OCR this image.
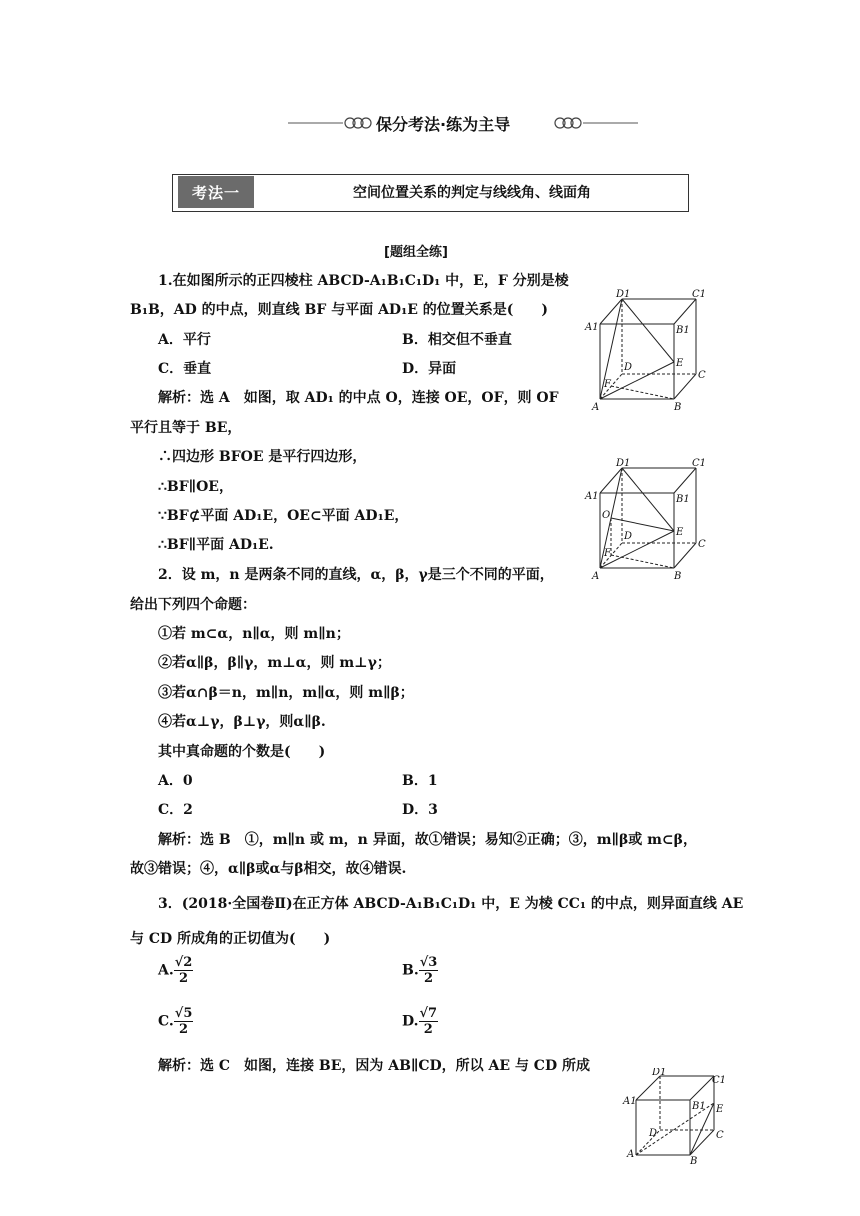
保分考法·练为主导
考法一	空间位置关系的判定与线线角、线面角
[题组全练]
1.在如图所示的正四棱柱 ABCD-A₁B₁C₁D₁ 中，E，F 分别是棱
B₁B，AD 的中点，则直线 BF 与平面 AD₁E 的位置关系是(　　)
A．平行	B．相交但不垂直
C．垂直	D．异面
解析：选 A　如图，取 AD₁ 的中点 O，连接 OE，OF，则 OF
平行且等于 BE，
∴四边形 BFOE 是平行四边形，
∴BF∥OE，
∵BF⊄平面 AD₁E，OE⊂平面 AD₁E，
∴BF∥平面 AD₁E.
D1	C1
A1	B1
E
D
C
F
A	B
D1	C1
A1	B1
O
E
D
C
F
A	B
2．设 m，n 是两条不同的直线，α，β，γ是三个不同的平面，
给出下列四个命题：
①若 m⊂α，n∥α，则 m∥n；
②若α∥β，β∥γ，m⊥α，则 m⊥γ；
③若α∩β＝n，m∥n，m∥α，则 m∥β；
④若α⊥γ，β⊥γ，则α∥β.
其中真命题的个数是(　　)
A．0	B．1
C．2	D．3
解析：选 B　①，m∥n 或 m，n 异面，故①错误；易知②正确；③，m∥β或 m⊂β，
故③错误；④，α∥β或α与β相交，故④错误.
3．(2018·全国卷Ⅱ)在正方体 ABCD-A₁B₁C₁D₁ 中，E 为棱 CC₁ 的中点，则异面直线 AE
与 CD 所成角的正切值为(　　)
A. $\frac{√2}{2}$	B. $\frac{√3}{2}$
C. $\frac{√5}{2}$	D. $\frac{√7}{2}$
解析：选 C　如图，连接 BE，因为 AB∥CD，所以 AE 与 CD 所成	D1
C1
A1	B1 E
D	C
A
B
